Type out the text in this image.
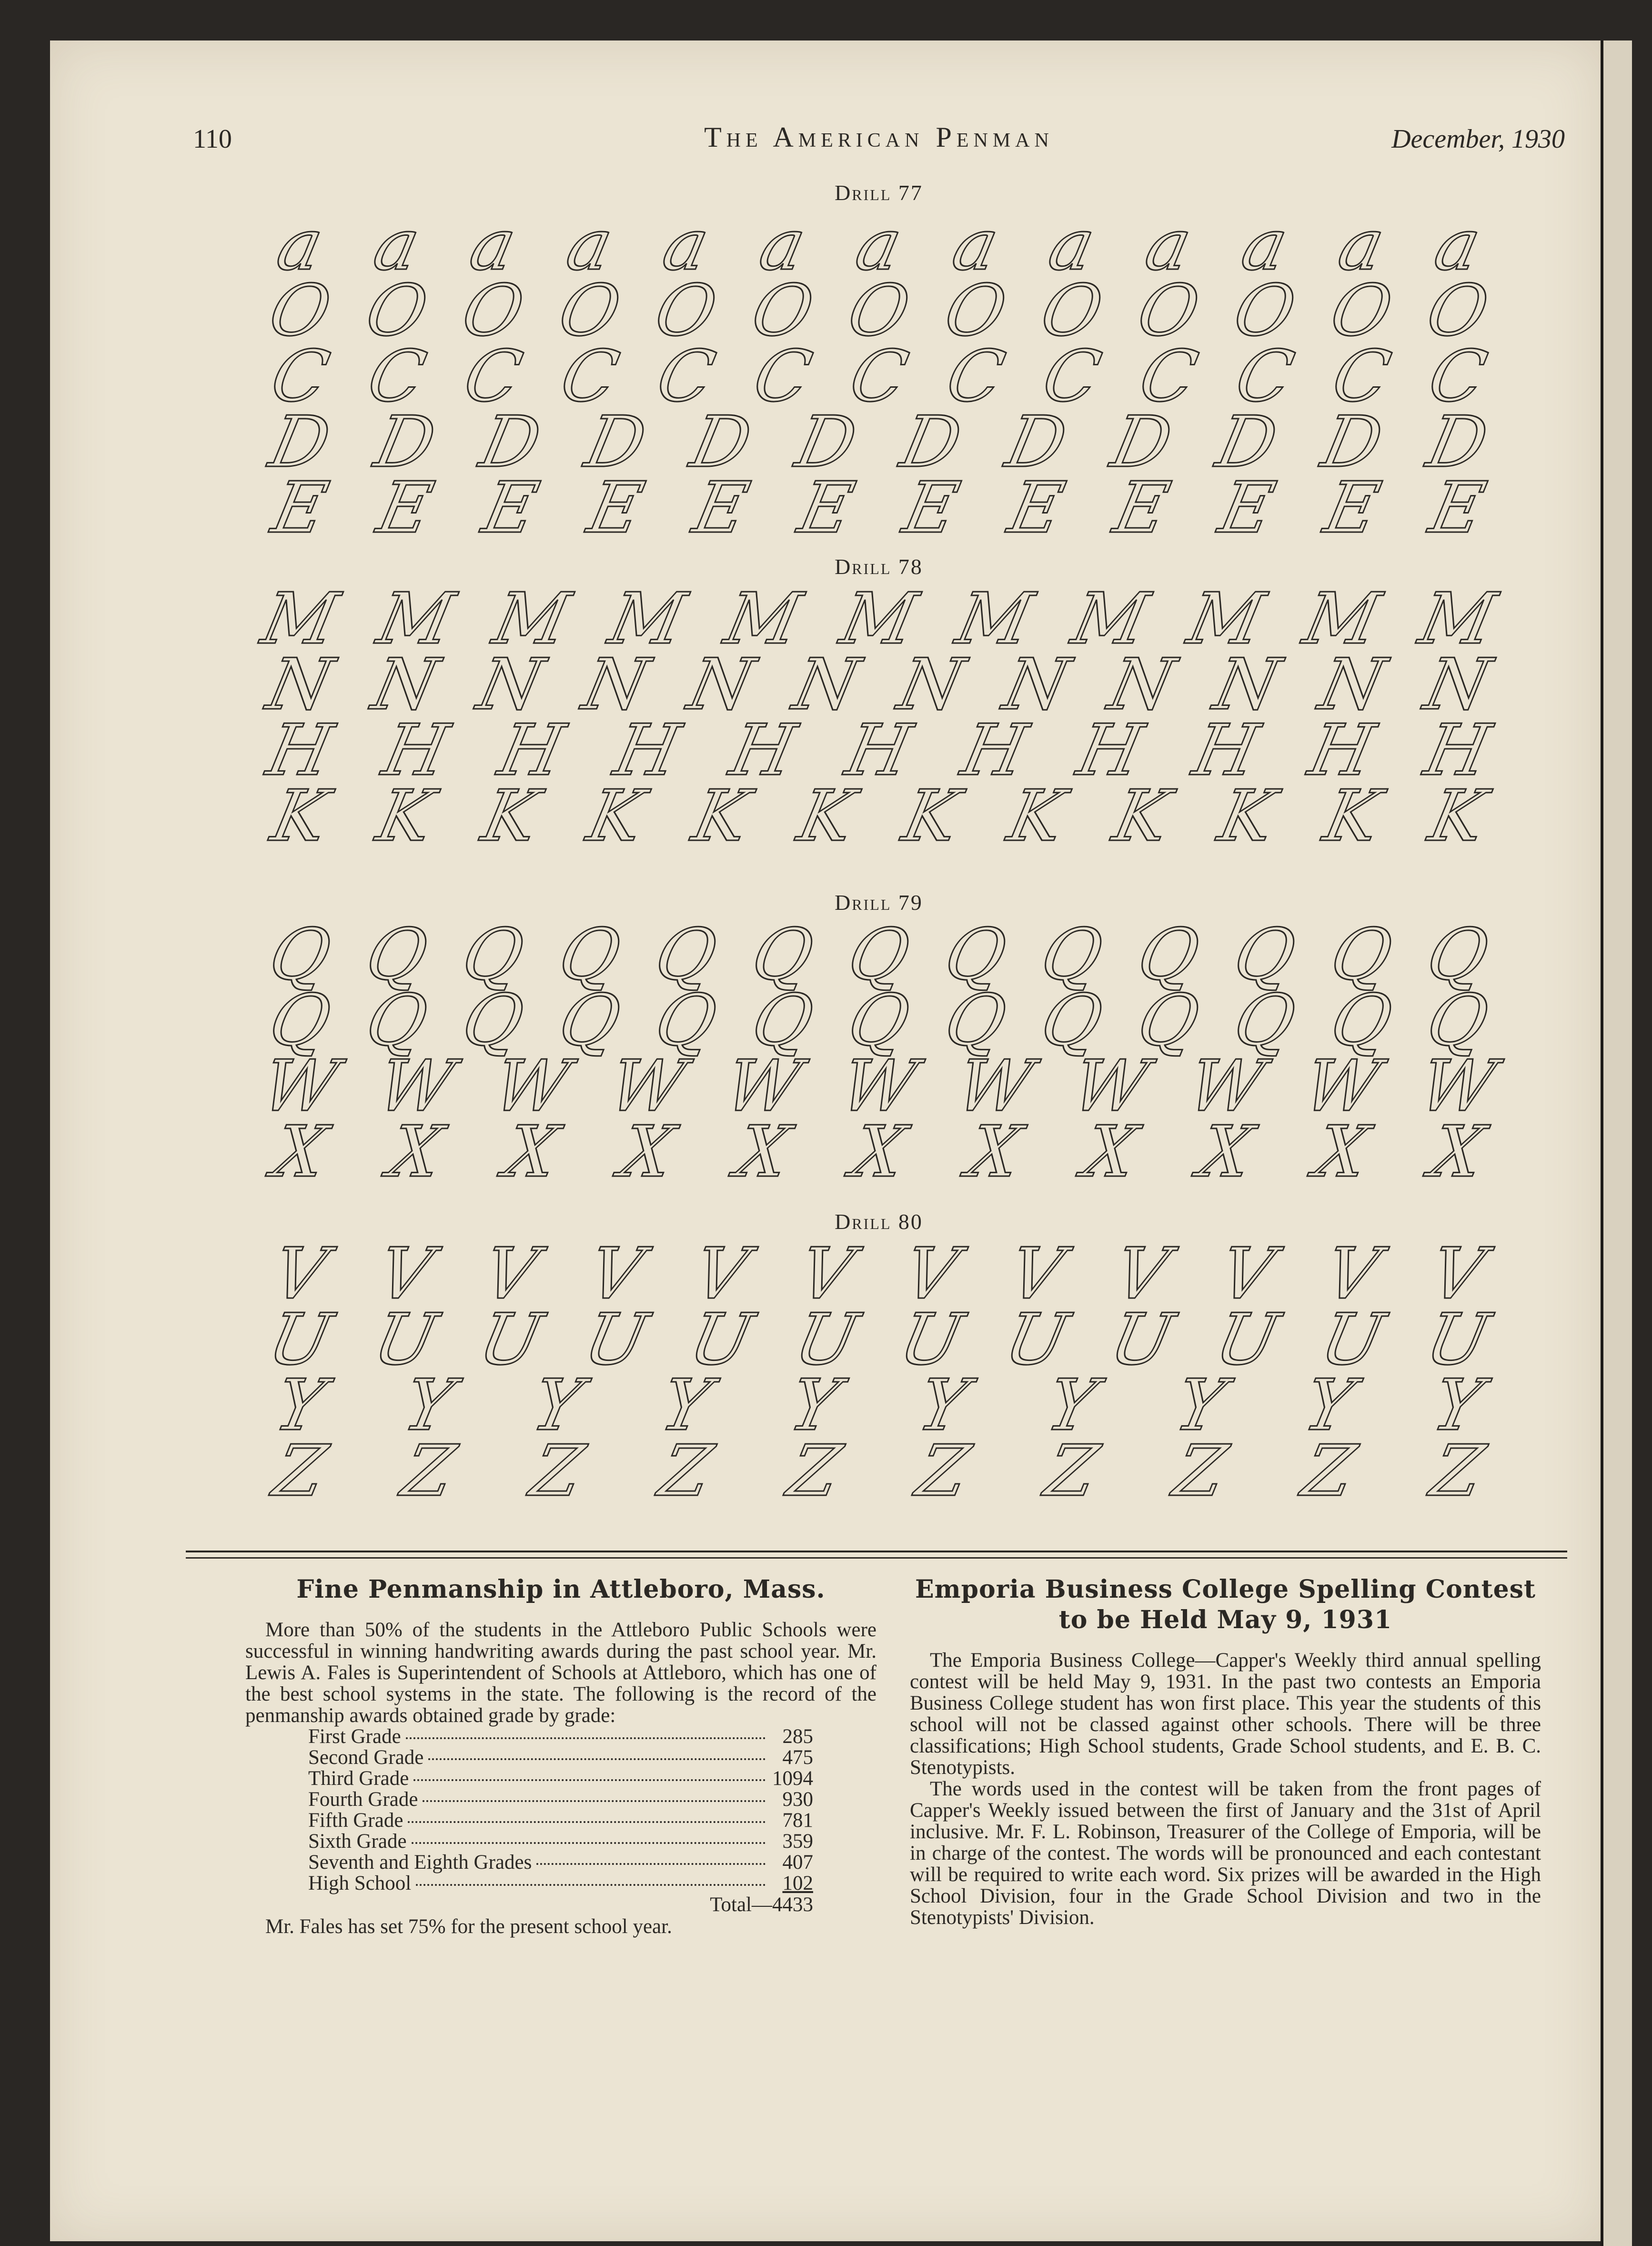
110	The American Penman	December, 1930
Drill 77
a a a a a a a a a a a a a
O O O O O O O O O O O O O
C C C C C C C C C C C C C
D D D D D D D D D D D D
E E E E E E E E E E E E
Drill 78
M M M M M M M M M M M
N N N N N N N N N N N N
H H H H H H H H H H H
K K K K K K K K K K K K
Drill 79
Q Q Q Q Q Q Q Q Q Q Q Q Q
Q Q Q Q Q Q Q Q Q Q Q Q Q
W W W W W W W W W W W
X X X X X X X X X X X
Drill 80
V V V V V V V V V V V V
U U U U U U U U U U U U
Y Y Y Y Y Y Y Y Y Y
Z Z Z Z Z Z Z Z Z Z
Fine Penmanship in Attleboro, Mass.

More than 50% of the students in the Attleboro Public Schools were successful in winning handwriting awards during the past school year. Mr. Lewis A. Fales is Superintendent of Schools at Attleboro, which has one of the best school systems in the state. The following is the record of the penmanship awards obtained grade by grade:

First Grade	285
Second Grade	475
Third Grade	1094
Fourth Grade	930
Fifth Grade	781
Sixth Grade	359
Seventh and Eighth Grades	407
High School	102
Total—4433

Mr. Fales has set 75% for the present school year.

Emporia Business College Spelling Contest to be Held May 9, 1931

The Emporia Business College—Capper's Weekly third annual spelling contest will be held May 9, 1931. In the past two contests an Emporia Business College student has won first place. This year the students of this school will not be classed against other schools. There will be three classifications; High School students, Grade School students, and E. B. C. Stenotypists.

The words used in the contest will be taken from the front pages of Capper's Weekly issued between the first of January and the 31st of April inclusive. Mr. F. L. Robinson, Treasurer of the College of Emporia, will be in charge of the contest. The words will be pronounced and each contestant will be required to write each word. Six prizes will be awarded in the High School Division, four in the Grade School Division and two in the Stenotypists' Division.
